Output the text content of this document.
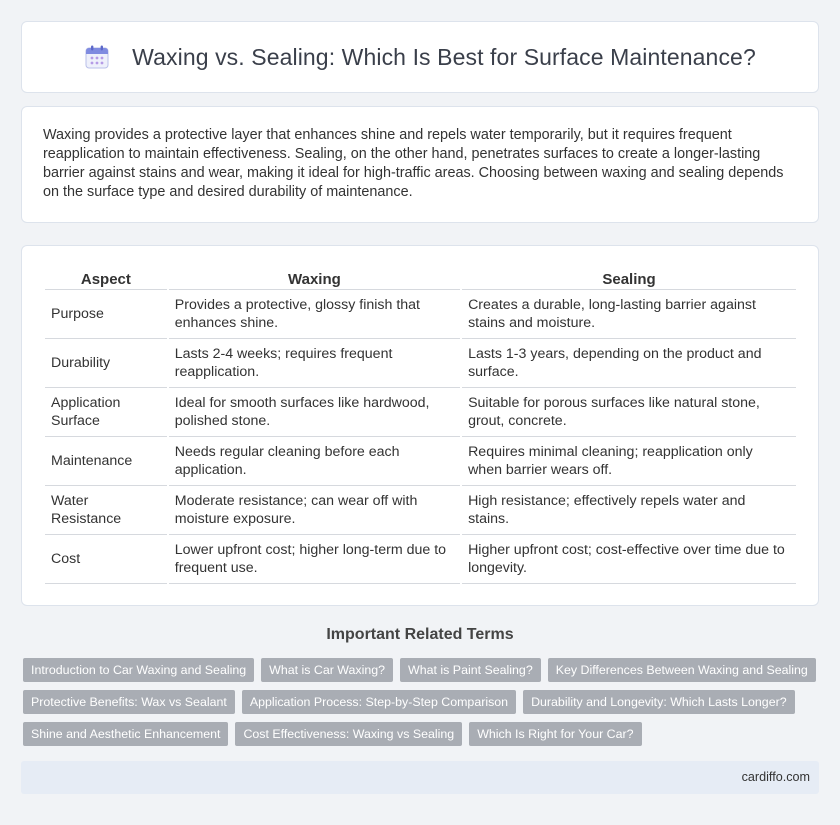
Waxing vs. Sealing: Which Is Best for Surface Maintenance?

Waxing provides a protective layer that enhances shine and repels water temporarily, but it requires frequent reapplication to maintain effectiveness. Sealing, on the other hand, penetrates surfaces to create a longer-lasting barrier against stains and wear, making it ideal for high-traffic areas. Choosing between waxing and sealing depends on the surface type and desired durability of maintenance.

Aspect	Waxing	Sealing
Purpose	Provides a protective, glossy finish that enhances shine.	Creates a durable, long-lasting barrier against stains and moisture.
Durability	Lasts 2-4 weeks; requires frequent reapplication.	Lasts 1-3 years, depending on the product and surface.
Application Surface	Ideal for smooth surfaces like hardwood, polished stone.	Suitable for porous surfaces like natural stone, grout, concrete.
Maintenance	Needs regular cleaning before each application.	Requires minimal cleaning; reapplication only when barrier wears off.
Water Resistance	Moderate resistance; can wear off with moisture exposure.	High resistance; effectively repels water and stains.
Cost	Lower upfront cost; higher long-term due to frequent use.	Higher upfront cost; cost-effective over time due to longevity.
Important Related Terms
Introduction to Car Waxing and Sealing	What is Car Waxing?	What is Paint Sealing?	Key Differences Between Waxing and Sealing
Protective Benefits: Wax vs Sealant	Application Process: Step-by-Step Comparison	Durability and Longevity: Which Lasts Longer?
Shine and Aesthetic Enhancement	Cost Effectiveness: Waxing vs Sealing	Which Is Right for Your Car?
cardiffo.com
